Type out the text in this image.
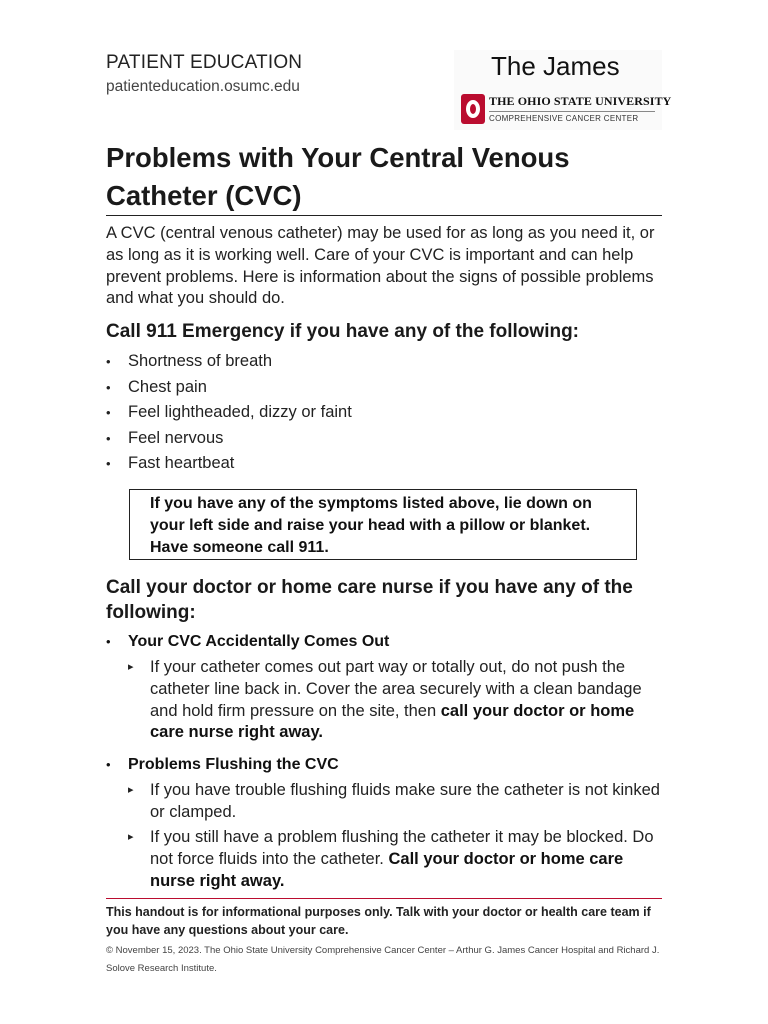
PATIENT EDUCATION
patienteducation.osumc.edu
The James
THE OHIO STATE UNIVERSITY
COMPREHENSIVE CANCER CENTER
Problems with Your Central Venous Catheter (CVC)

A CVC (central venous catheter) may be used for as long as you need it, or as long as it is working well. Care of your CVC is important and can help prevent problems. Here is information about the signs of possible problems and what you should do.

Call 911 Emergency if you have any of the following:
• Shortness of breath
• Chest pain
• Feel lightheaded, dizzy or faint
• Feel nervous
• Fast heartbeat

If you have any of the symptoms listed above, lie down on your left side and raise your head with a pillow or blanket. Have someone call 911.

Call your doctor or home care nurse if you have any of the following:
• Your CVC Accidentally Comes Out
▸ If your catheter comes out part way or totally out, do not push the catheter line back in. Cover the area securely with a clean bandage and hold firm pressure on the site, then call your doctor or home care nurse right away.
• Problems Flushing the CVC
▸ If you have trouble flushing fluids make sure the catheter is not kinked or clamped.
▸ If you still have a problem flushing the catheter it may be blocked. Do not force fluids into the catheter. Call your doctor or home care nurse right away.

This handout is for informational purposes only. Talk with your doctor or health care team if you have any questions about your care.

© November 15, 2023. The Ohio State University Comprehensive Cancer Center – Arthur G. James Cancer Hospital and Richard J. Solove Research Institute.
